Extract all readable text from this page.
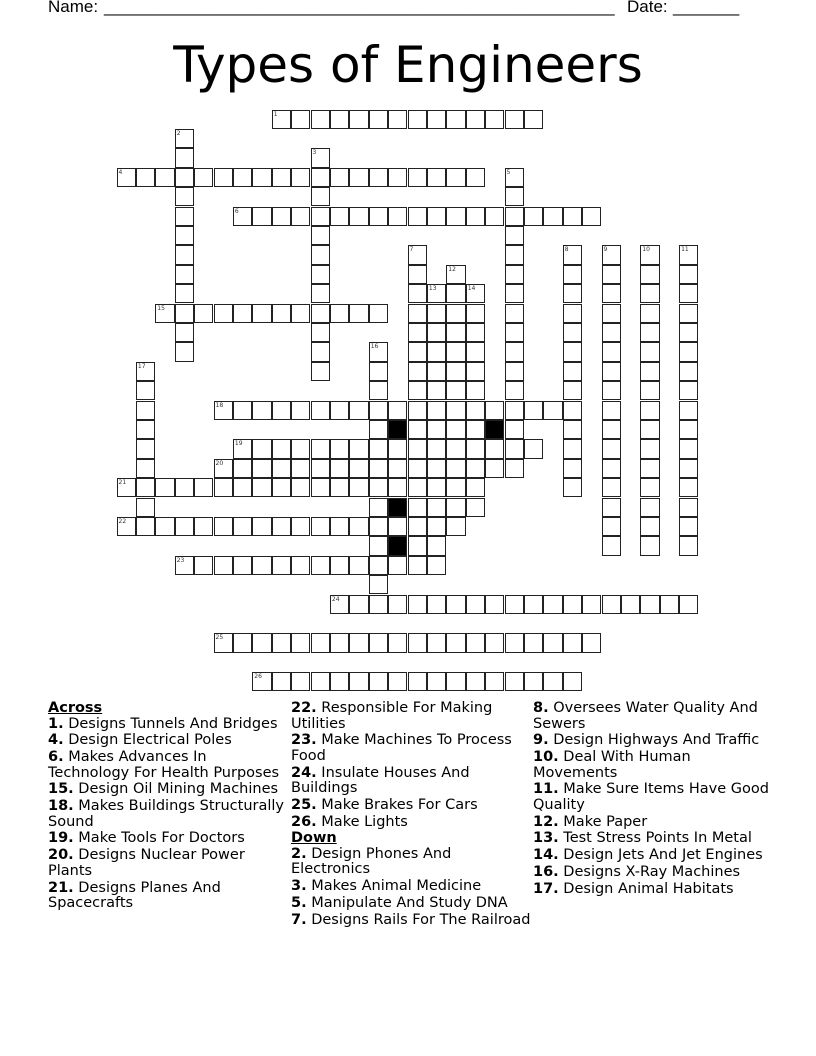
Name: ______________________________________________________ Date: _______
Types of Engineers
1
2
3
4	5
6
7	8	9	10	11
12
13	14
15
16
17
18
19
20
21
22
23
24
25
26
Across
1. Designs Tunnels And Bridges
4. Design Electrical Poles
6. Makes Advances In Technology For Health Purposes
15. Design Oil Mining Machines
18. Makes Buildings Structurally Sound
19. Make Tools For Doctors
20. Designs Nuclear Power Plants
21. Designs Planes And Spacecrafts
22. Responsible For Making Utilities
23. Make Machines To Process Food
24. Insulate Houses And Buildings
25. Make Brakes For Cars
26. Make Lights
Down
2. Design Phones And Electronics
3. Makes Animal Medicine
5. Manipulate And Study DNA
7. Designs Rails For The Railroad
8. Oversees Water Quality And Sewers
9. Design Highways And Traffic
10. Deal With Human Movements
11. Make Sure Items Have Good Quality
12. Make Paper
13. Test Stress Points In Metal
14. Design Jets And Jet Engines
16. Designs X-Ray Machines
17. Design Animal Habitats
